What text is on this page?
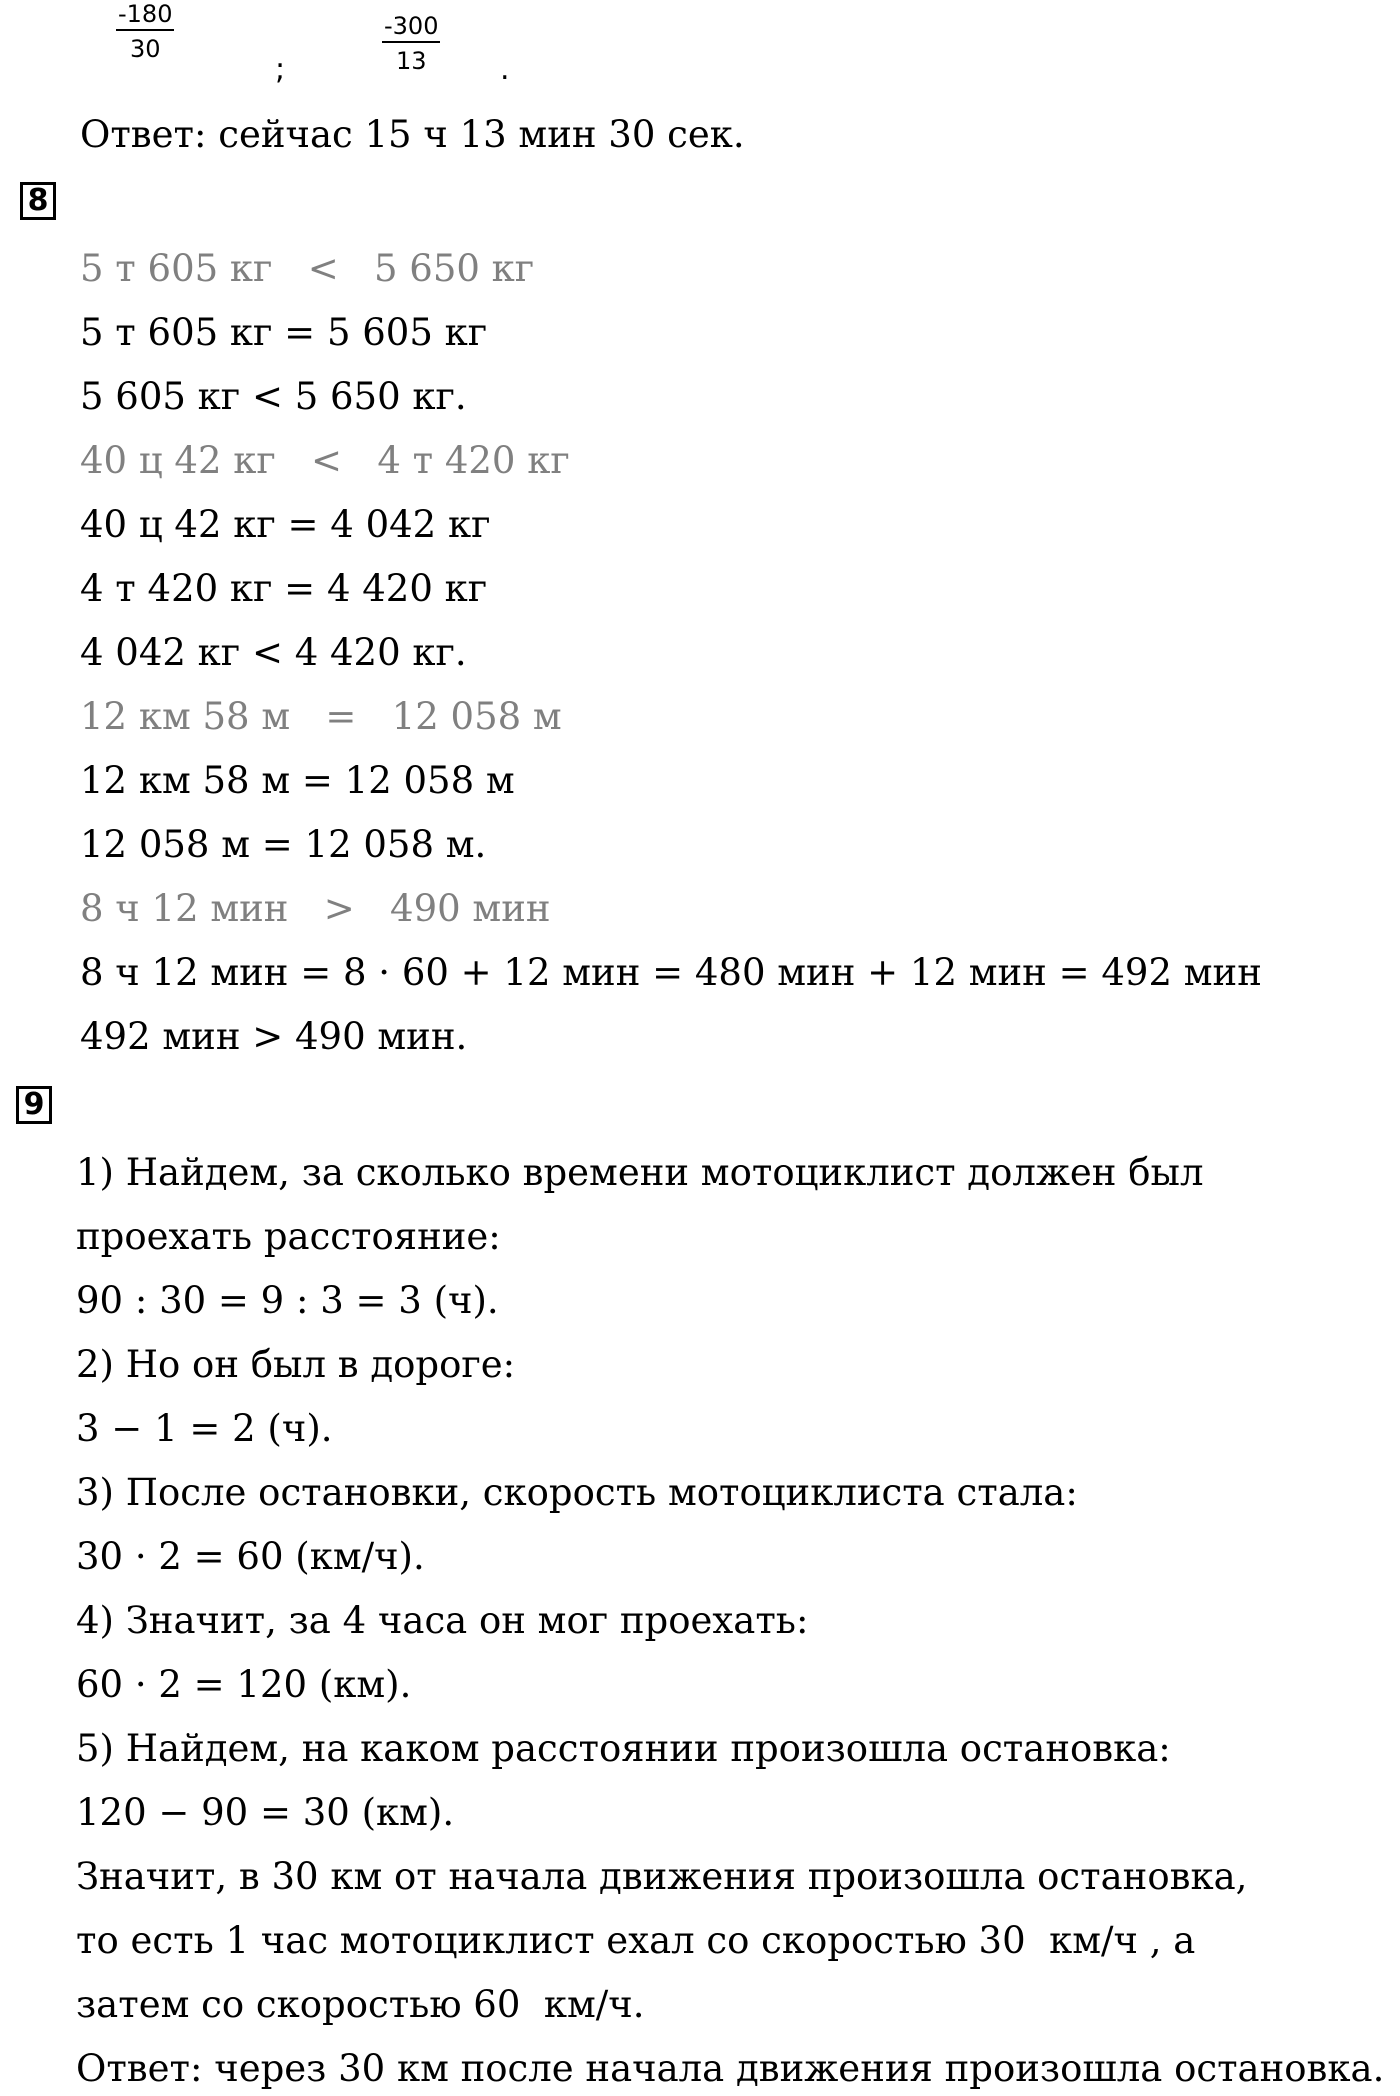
-180
30
;
-300
13	.
Ответ: сейчас 15 ч 13 мин 30 сек.
8
5 т 605 кг   <   5 650 кг
5 т 605 кг = 5 605 кг
5 605 кг < 5 650 кг.
40 ц 42 кг   <   4 т 420 кг
40 ц 42 кг = 4 042 кг
4 т 420 кг = 4 420 кг
4 042 кг < 4 420 кг.
12 км 58 м   =   12 058 м
12 км 58 м = 12 058 м
12 058 м = 12 058 м.
8 ч 12 мин   >   490 мин
8 ч 12 мин = 8 · 60 + 12 мин = 480 мин + 12 мин = 492 мин
492 мин > 490 мин.
9
1) Найдем, за сколько времени мотоциклист должен был
проехать расстояние:
90 : 30 = 9 : 3 = 3 (ч).
2) Но он был в дороге:
3 − 1 = 2 (ч).
3) После остановки, скорость мотоциклиста стала:
30 · 2 = 60 (км/ч).
4) Значит, за 4 часа он мог проехать:
60 · 2 = 120 (км).
5) Найдем, на каком расстоянии произошла остановка:
120 − 90 = 30 (км).
Значит, в 30 км от начала движения произошла остановка,
то есть 1 час мотоциклист ехал со скоростью 30  км/ч , а
затем со скоростью 60  км/ч.
Ответ: через 30 км после начала движения произошла остановка.
